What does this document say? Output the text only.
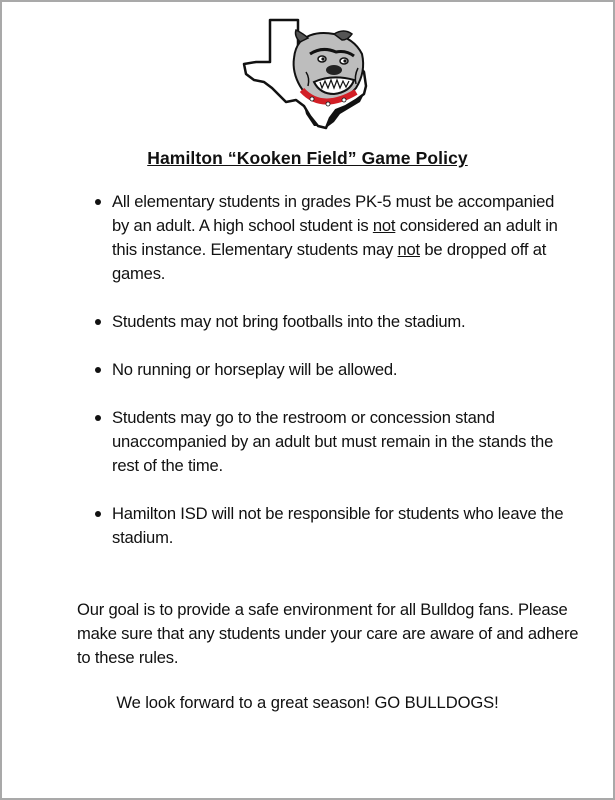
Hamilton “Kooken Field” Game Policy
All elementary students in grades PK-5 must be accompanied by an adult. A high school student is not considered an adult in this instance. Elementary students may not be dropped off at games.
Students may not bring footballs into the stadium.
No running or horseplay will be allowed.
Students may go to the restroom or concession stand unaccompanied by an adult but must remain in the stands the rest of the time.
Hamilton ISD will not be responsible for students who leave the stadium.

Our goal is to provide a safe environment for all Bulldog fans. Please make sure that any students under your care are aware of and adhere to these rules.

We look forward to a great season! GO BULLDOGS!
